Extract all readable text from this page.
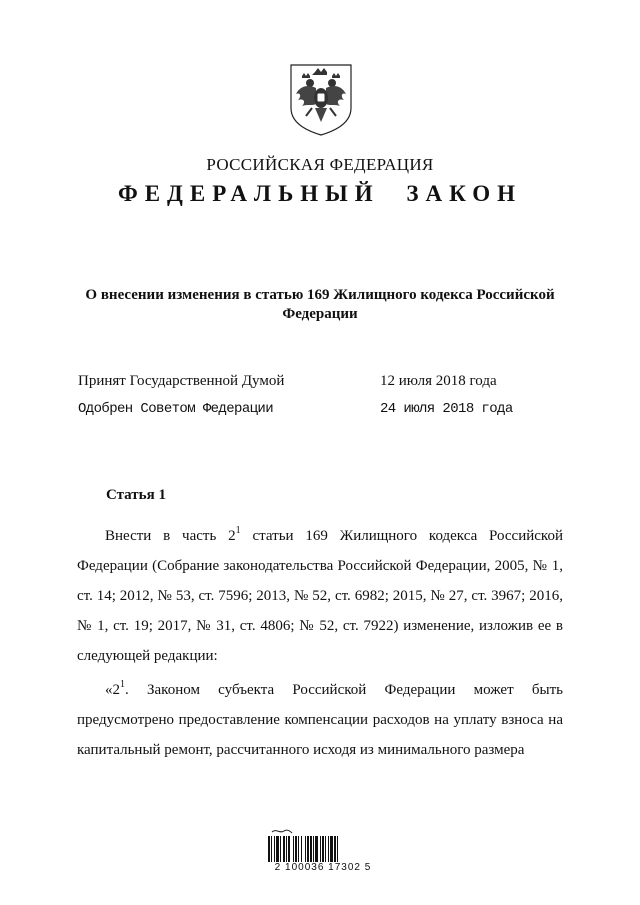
РОССИЙСКАЯ ФЕДЕРАЦИЯ
ФЕДЕРАЛЬНЫЙ ЗАКОН
О внесении изменения в статью 169 Жилищного кодекса Российской
Федерации
Принят Государственной Думой	12 июля 2018 года
Одобрен Советом Федерации	24 июля 2018 года
Статья 1

Внести в часть $2^1$ статьи 169 Жилищного кодекса Российской Федерации (Собрание законодательства Российской Федерации, 2005, № 1, ст. 14; 2012, № 53, ст. 7596; 2013, № 52, ст. 6982; 2015, № 27, ст. 3967; 2016, № 1, ст. 19; 2017, № 31, ст. 4806; № 52, ст. 7922) изменение, изложив ее в следующей редакции:

«$2^1$. Законом субъекта Российской Федерации может быть предусмотрено предоставление компенсации расходов на уплату взноса на капитальный ремонт, рассчитанного исходя из минимального размера

2 100036 17302 5
